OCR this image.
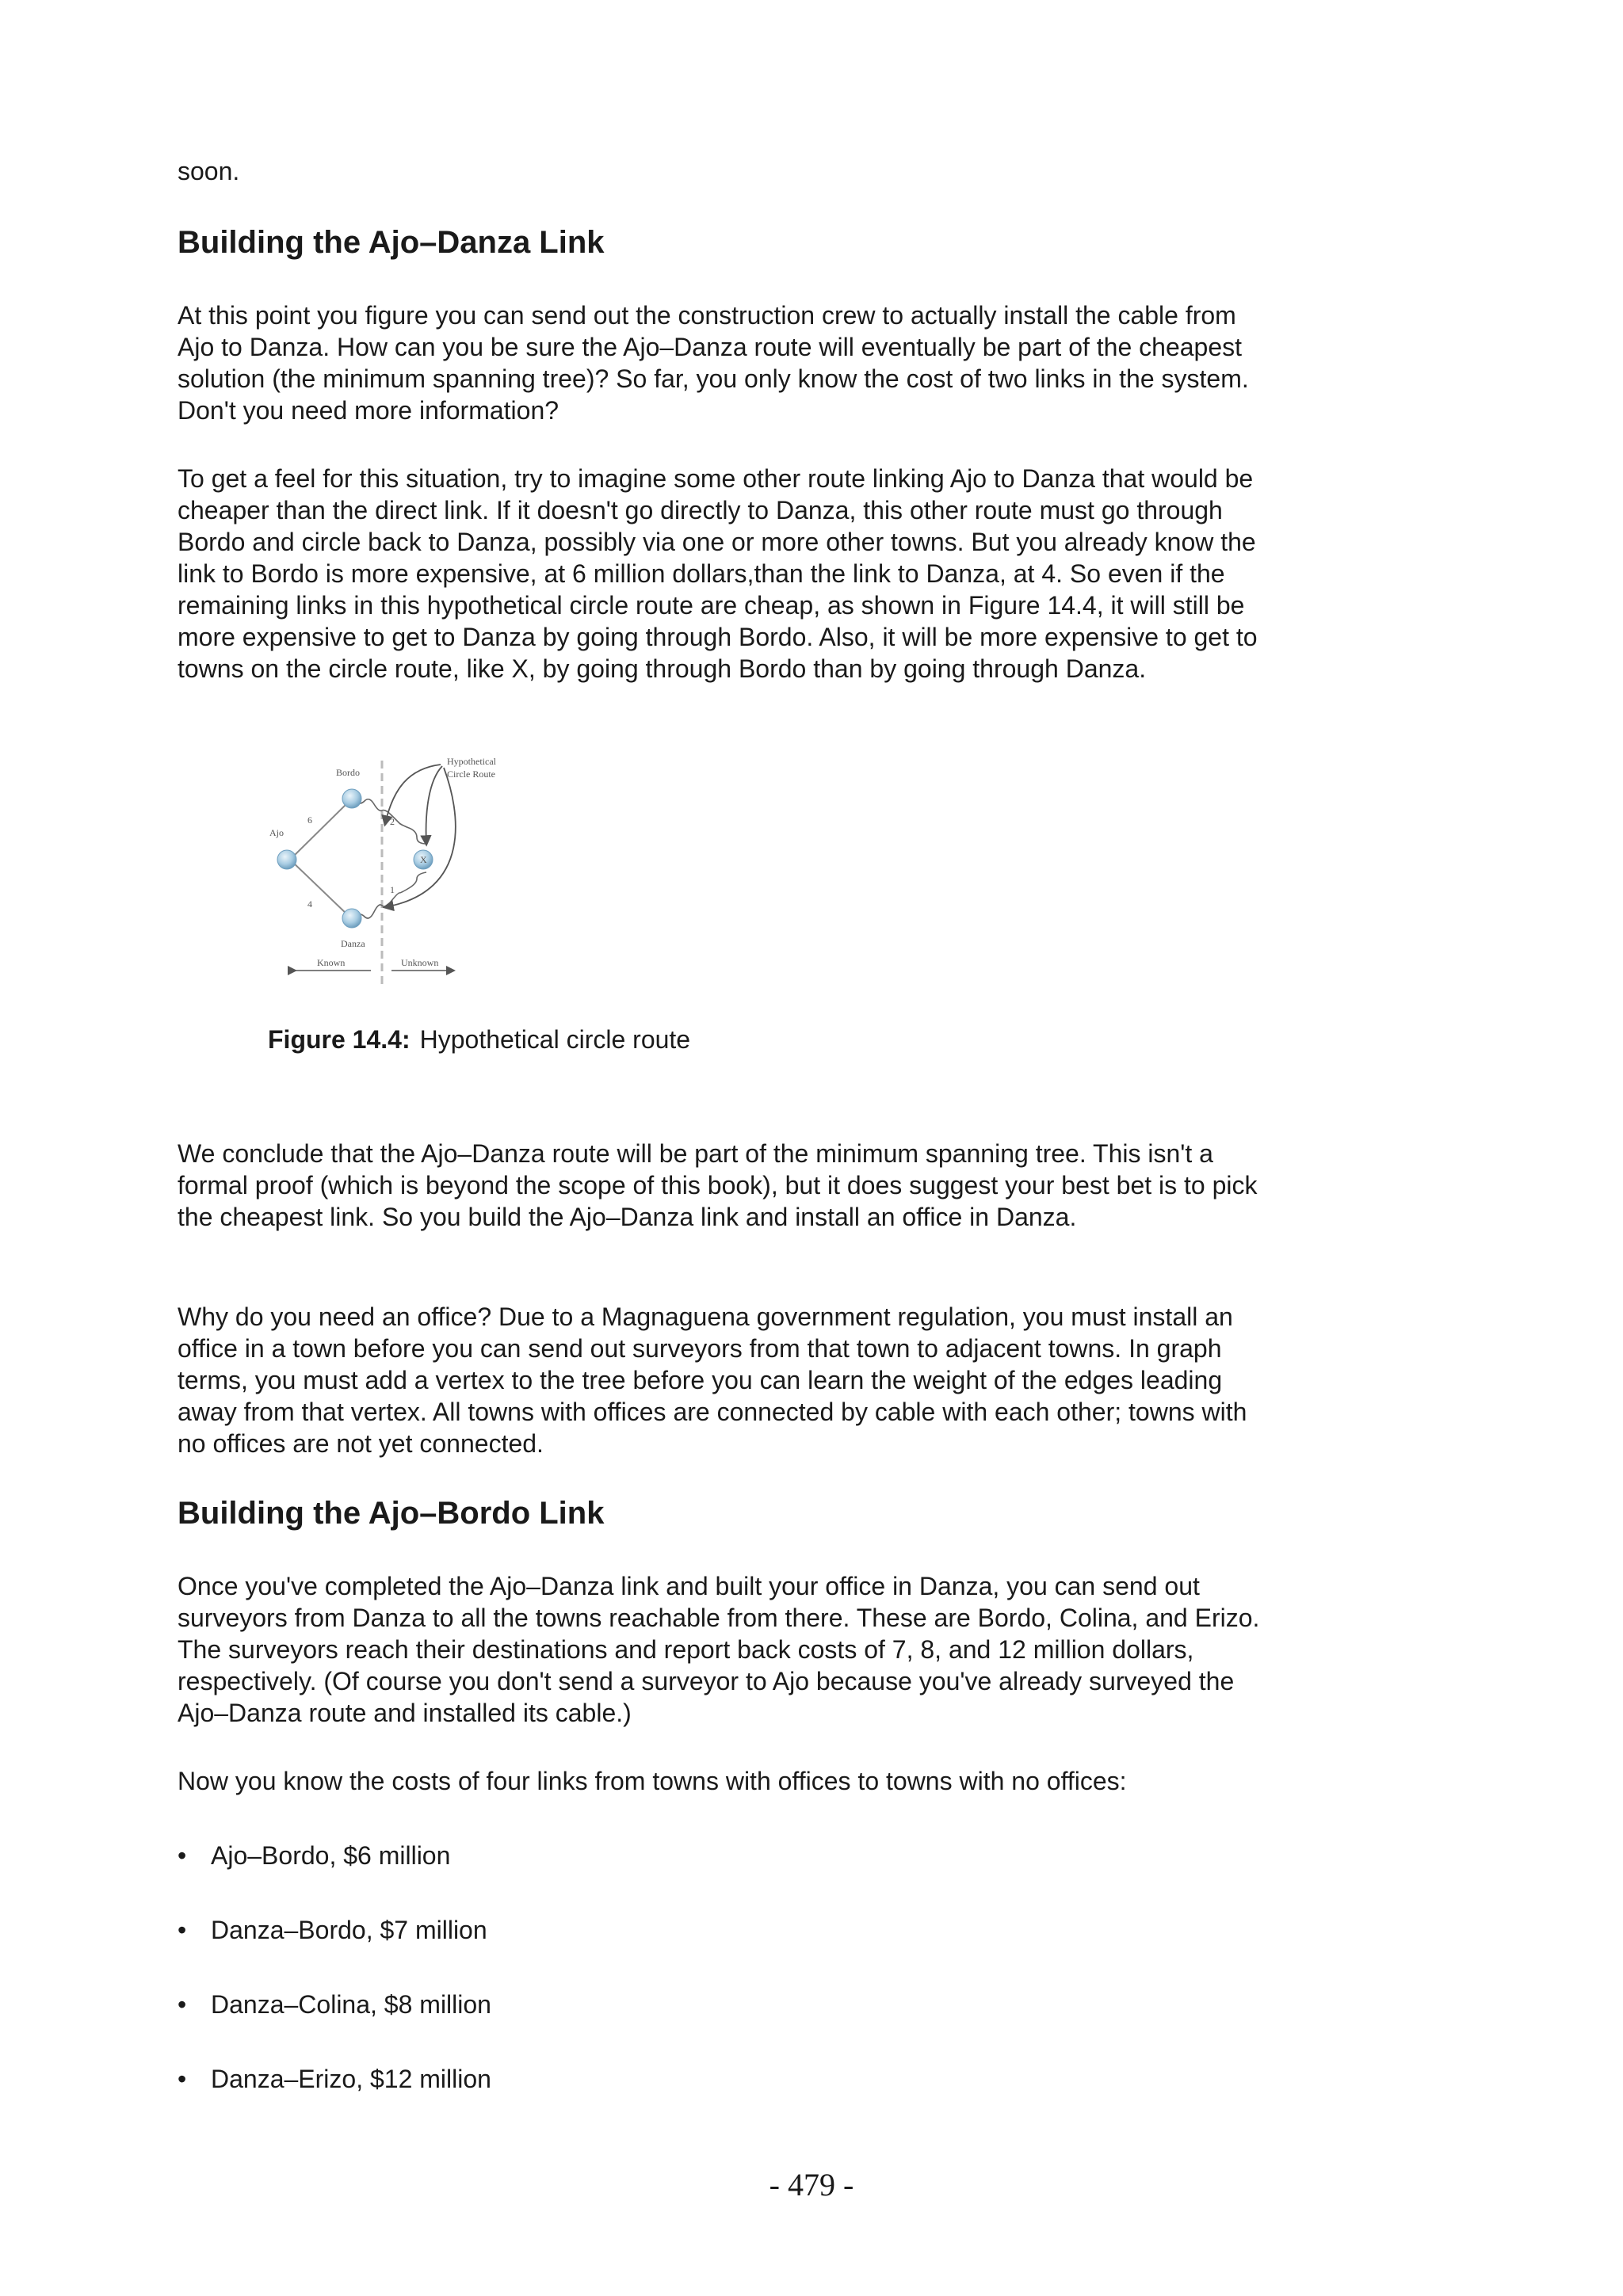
soon.

Building the Ajo–Danza Link

At this point you figure you can send out the construction crew to actually install the cable from Ajo to Danza. How can you be sure the Ajo–Danza route will eventually be part of the cheapest solution (the minimum spanning tree)? So far, you only know the cost of two links in the system. Don't you need more information?

To get a feel for this situation, try to imagine some other route linking Ajo to Danza that would be cheaper than the direct link. If it doesn't go directly to Danza, this other route must go through Bordo and circle back to Danza, possibly via one or more other towns. But you already know the link to Bordo is more expensive, at 6 million dollars,than the link to Danza, at 4. So even if the remaining links in this hypothetical circle route are cheap, as shown in Figure 14.4, it will still be more expensive to get to Danza by going through Bordo. Also, it will be more expensive to get to towns on the circle route, like X, by going through Bordo than by going through Danza.

We conclude that the Ajo–Danza route will be part of the minimum spanning tree. This isn't a formal proof (which is beyond the scope of this book), but it does suggest your best bet is to pick the cheapest link. So you build the Ajo–Danza link and install an office in Danza.

Why do you need an office? Due to a Magnaguena government regulation, you must install an office in a town before you can send out surveyors from that town to adjacent towns. In graph terms, you must add a vertex to the tree before you can learn the weight of the edges leading away from that vertex. All towns with offices are connected by cable with each other; towns with no offices are not yet connected.

Building the Ajo–Bordo Link

Once you've completed the Ajo–Danza link and built your office in Danza, you can send out surveyors from Danza to all the towns reachable from there. These are Bordo, Colina, and Erizo. The surveyors reach their destinations and report back costs of 7, 8, and 12 million dollars, respectively. (Of course you don't send a surveyor to Ajo because you've already surveyed the Ajo–Danza route and installed its cable.)

Now you know the costs of four links from towns with offices to towns with no offices:

• Ajo–Bordo, $6 million
• Danza–Bordo, $7 million
• Danza–Colina, $8 million
• Danza–Erizo, $12 million
Figure 14.4: Hypothetical circle route
Bordo
Ajo
Danza
X
6
4
2
1
Hypothetical
Circle Route
Known	Unknown
- 479 -
